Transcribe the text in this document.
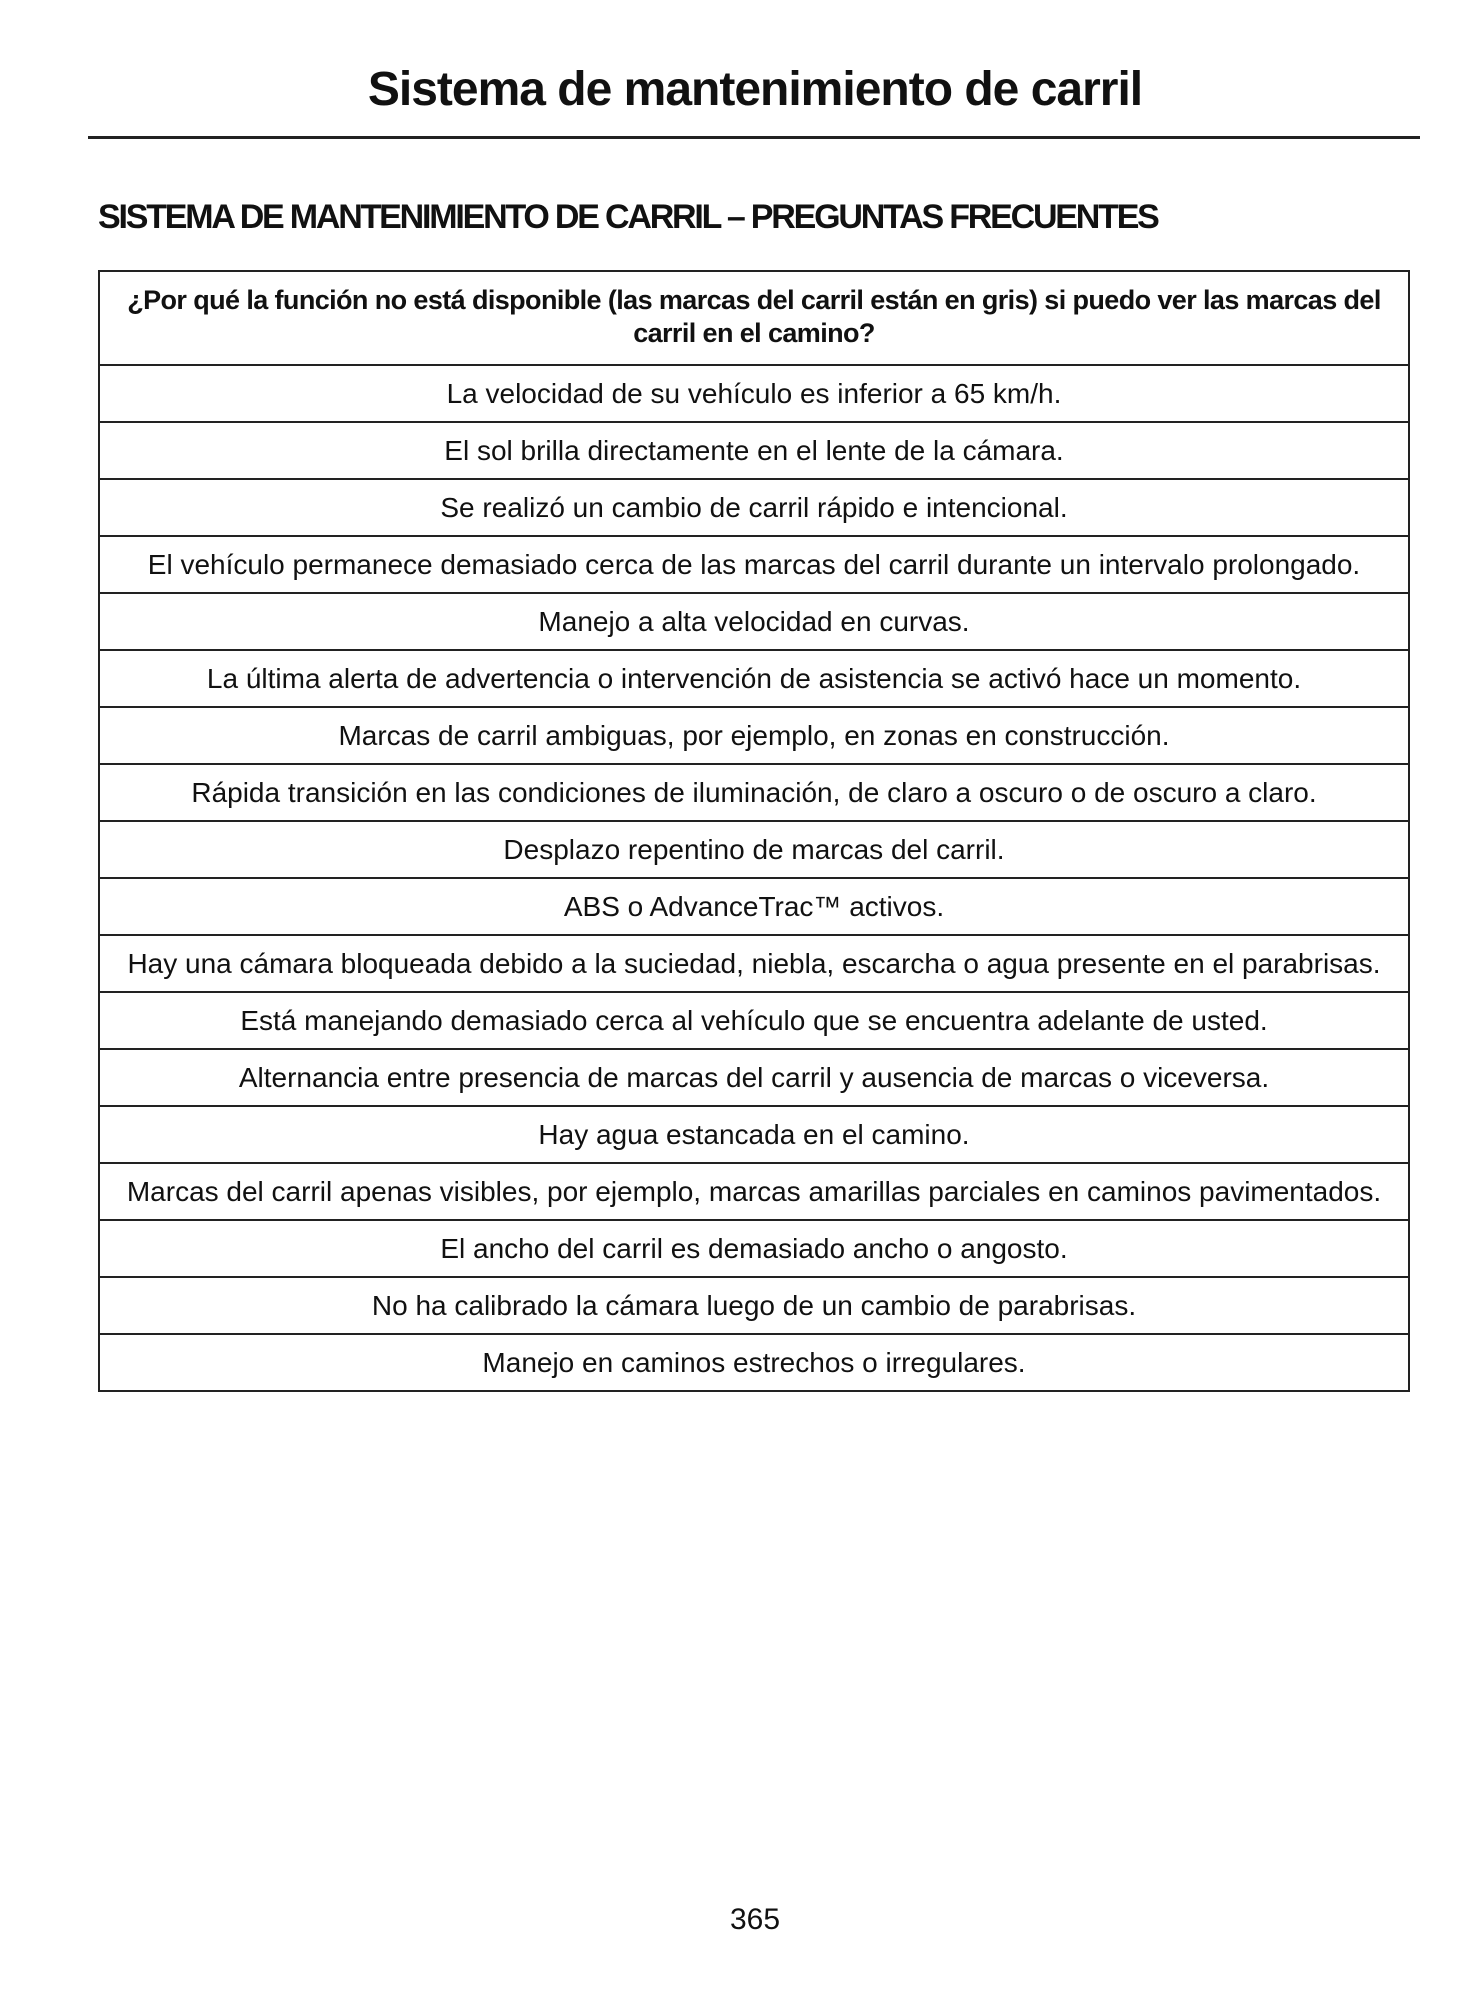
Sistema de mantenimiento de carril
SISTEMA DE MANTENIMIENTO DE CARRIL – PREGUNTAS FRECUENTES
¿Por qué la función no está disponible (las marcas del carril están en gris) si puedo ver las marcas del carril en el camino?
La velocidad de su vehículo es inferior a 65 km/h.
El sol brilla directamente en el lente de la cámara.
Se realizó un cambio de carril rápido e intencional.
El vehículo permanece demasiado cerca de las marcas del carril durante un intervalo prolongado.
Manejo a alta velocidad en curvas.
La última alerta de advertencia o intervención de asistencia se activó hace un momento.
Marcas de carril ambiguas, por ejemplo, en zonas en construcción.
Rápida transición en las condiciones de iluminación, de claro a oscuro o de oscuro a claro.
Desplazo repentino de marcas del carril.
ABS o AdvanceTrac™ activos.
Hay una cámara bloqueada debido a la suciedad, niebla, escarcha o agua presente en el parabrisas.
Está manejando demasiado cerca al vehículo que se encuentra adelante de usted.
Alternancia entre presencia de marcas del carril y ausencia de marcas o viceversa.
Hay agua estancada en el camino.
Marcas del carril apenas visibles, por ejemplo, marcas amarillas parciales en caminos pavimentados.
El ancho del carril es demasiado ancho o angosto.
No ha calibrado la cámara luego de un cambio de parabrisas.
Manejo en caminos estrechos o irregulares.
365
